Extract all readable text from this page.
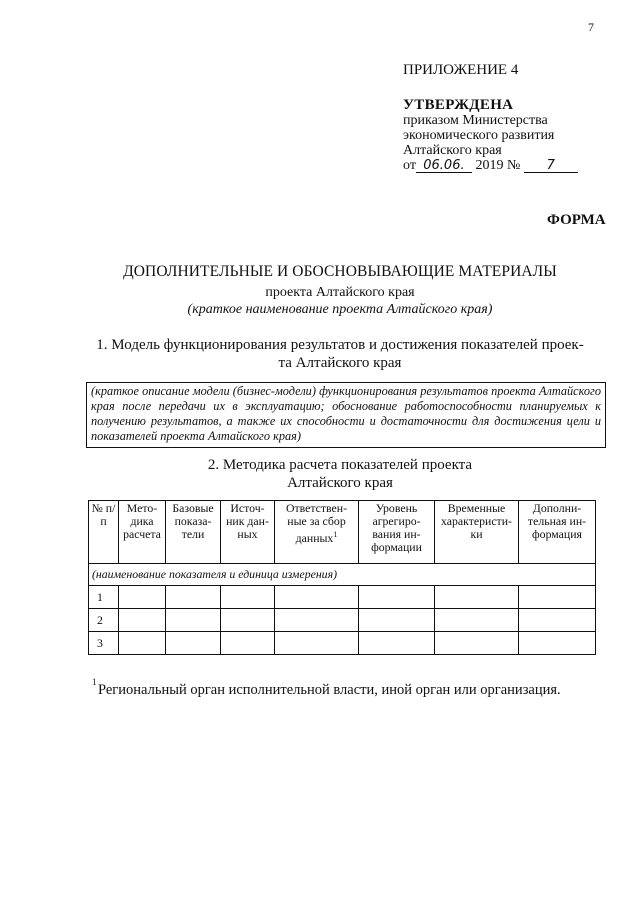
7
ПРИЛОЖЕНИЕ 4
УТВЕРЖДЕНА
приказом Министерства
экономического развития
Алтайского края
от 06.06. 2019 № 7
ФОРМА
ДОПОЛНИТЕЛЬНЫЕ И ОБОСНОВЫВАЮЩИЕ МАТЕРИАЛЫ
проекта Алтайского края
(краткое наименование проекта Алтайского края)
1. Модель функционирования результатов и достижения показателей проек-
та Алтайского края
(краткое описание модели (бизнес-модели) функционирования результатов проекта Алтайского края после передачи их в эксплуатацию; обоснование работоспособности планируемых к получению результатов, а также их способности и достаточности для достижения цели и показателей проекта Алтайского края)
2. Методика расчета показателей проекта
Алтайского края
№ п/п	Мето-дика расчета	Базовые показа-тели	Источ-ник дан-ных	Ответствен-ные за сбор данных$^1$	Уровень агрегиро-вания ин-формации	Временные характеристи-ки	Дополни-тельная ин-формация
(наименование показателя и единица измерения)							
1							
2							
3							
1 Региональный орган исполнительной власти, иной орган или организация.
